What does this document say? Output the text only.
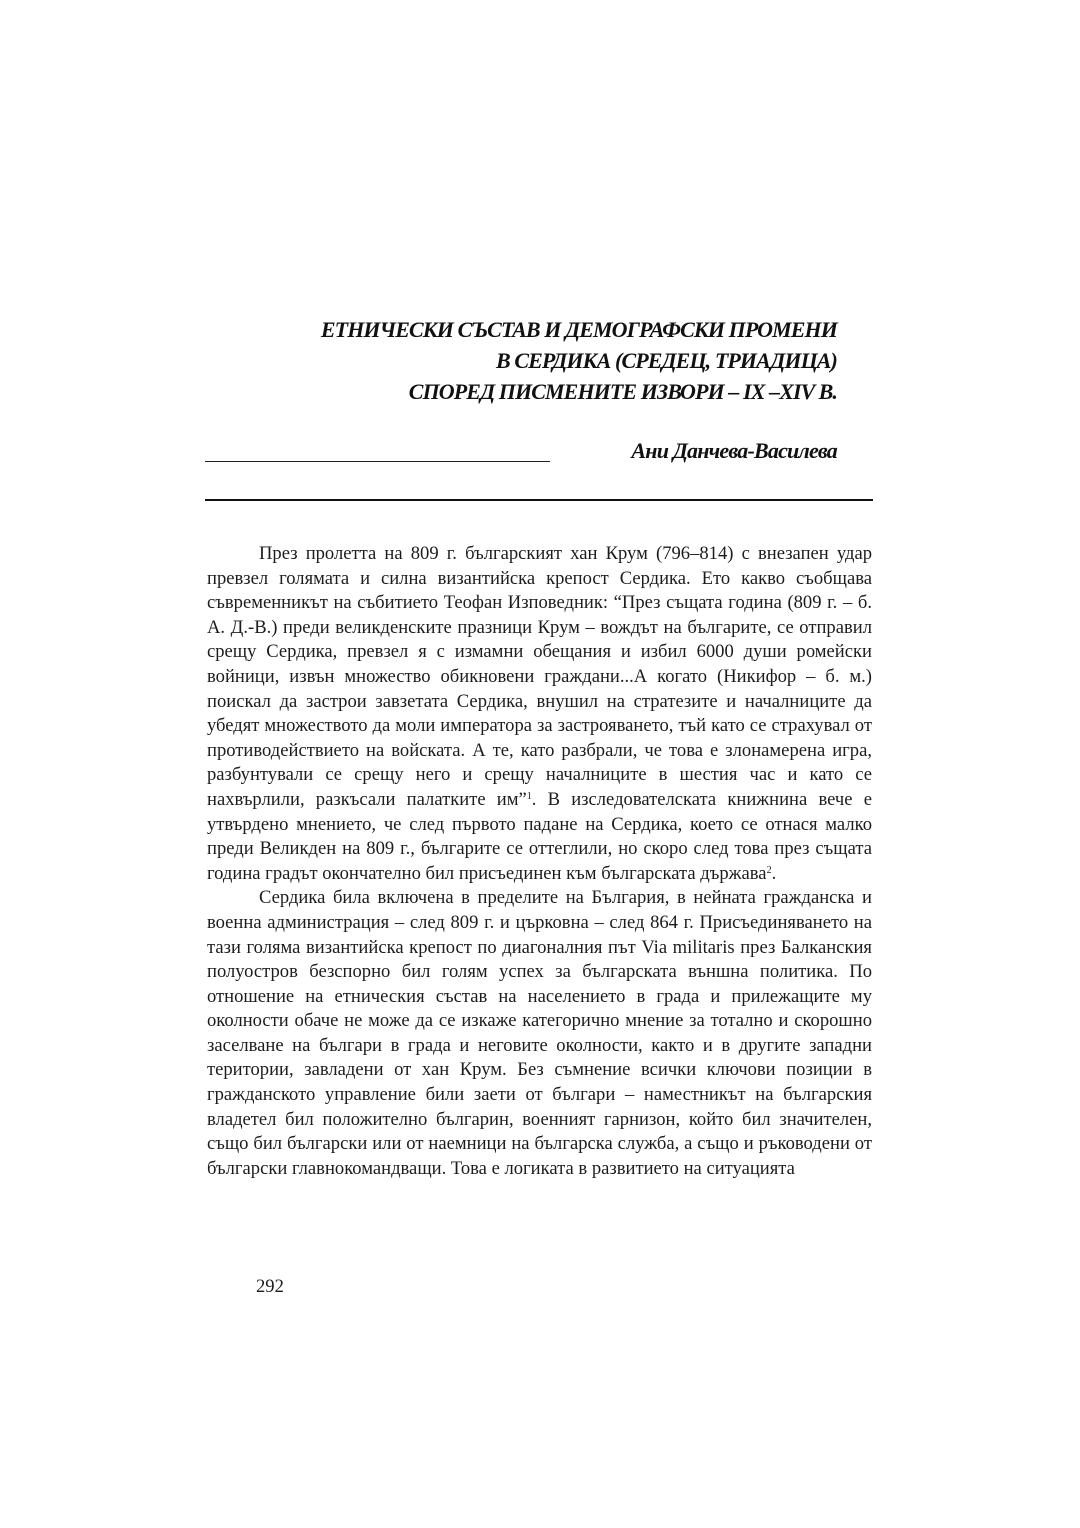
ЕТНИЧЕСКИ СЪСТАВ И ДЕМОГРАФСКИ ПРОМЕНИ
В СЕРДИКА (СРЕДЕЦ, ТРИАДИЦА)
СПОРЕД ПИСМЕНИТЕ ИЗВОРИ – IX –XIV В.
Ани Данчева-Василева

През пролетта на 809 г. българският хан Крум (796–814) с внезапен удар превзел голямата и силна византийска крепост Сердика. Ето какво съобщава съвременникът на събитието Теофан Изповедник: “През същата година (809 г. – б. А. Д.-В.) преди великденските празници Крум – вождът на българите, се отправил срещу Сердика, превзел я с измамни обещания и избил 6000 души ромейски войници, извън множество обикновени граждани...А когато (Никифор – б. м.) поискал да застрои завзетата Сердика, внушил на стратезите и началниците да убедят множеството да моли императора за застрояването, тъй като се страхувал от противодействието на войската. А те, като разбрали, че това е злонамерена игра, разбунтували се срещу него и срещу началниците в шестия час и като се нахвърлили, разкъсали палатките им”$^1$. В изследователската книжнина вече е утвърдено мнението, че след първото падане на Сердика, което се отнася малко преди Великден на 809 г., българите се оттеглили, но скоро след това през същата година градът окончателно бил присъединен към българската държава$^2$.

Сердика била включена в пределите на България, в нейната гражданска и военна администрация – след 809 г. и църковна – след 864 г. Присъединяването на тази голяма византийска крепост по диагоналния път Via militaris през Балканския полуостров безспорно бил голям успех за българската външна политика. По отношение на етническия състав на населението в града и прилежащите му околности обаче не може да се изкаже категорично мнение за тотално и скорошно заселване на българи в града и неговите околности, както и в другите западни територии, завладени от хан Крум. Без съмнение всички ключови позиции в гражданското управление били заети от българи – наместникът на българския владетел бил положително българин, военният гарнизон, който бил значителен, също бил български или от наемници на българска служба, а също и ръководени от български главнокомандващи. Това е логиката в развитието на ситуацията

292
